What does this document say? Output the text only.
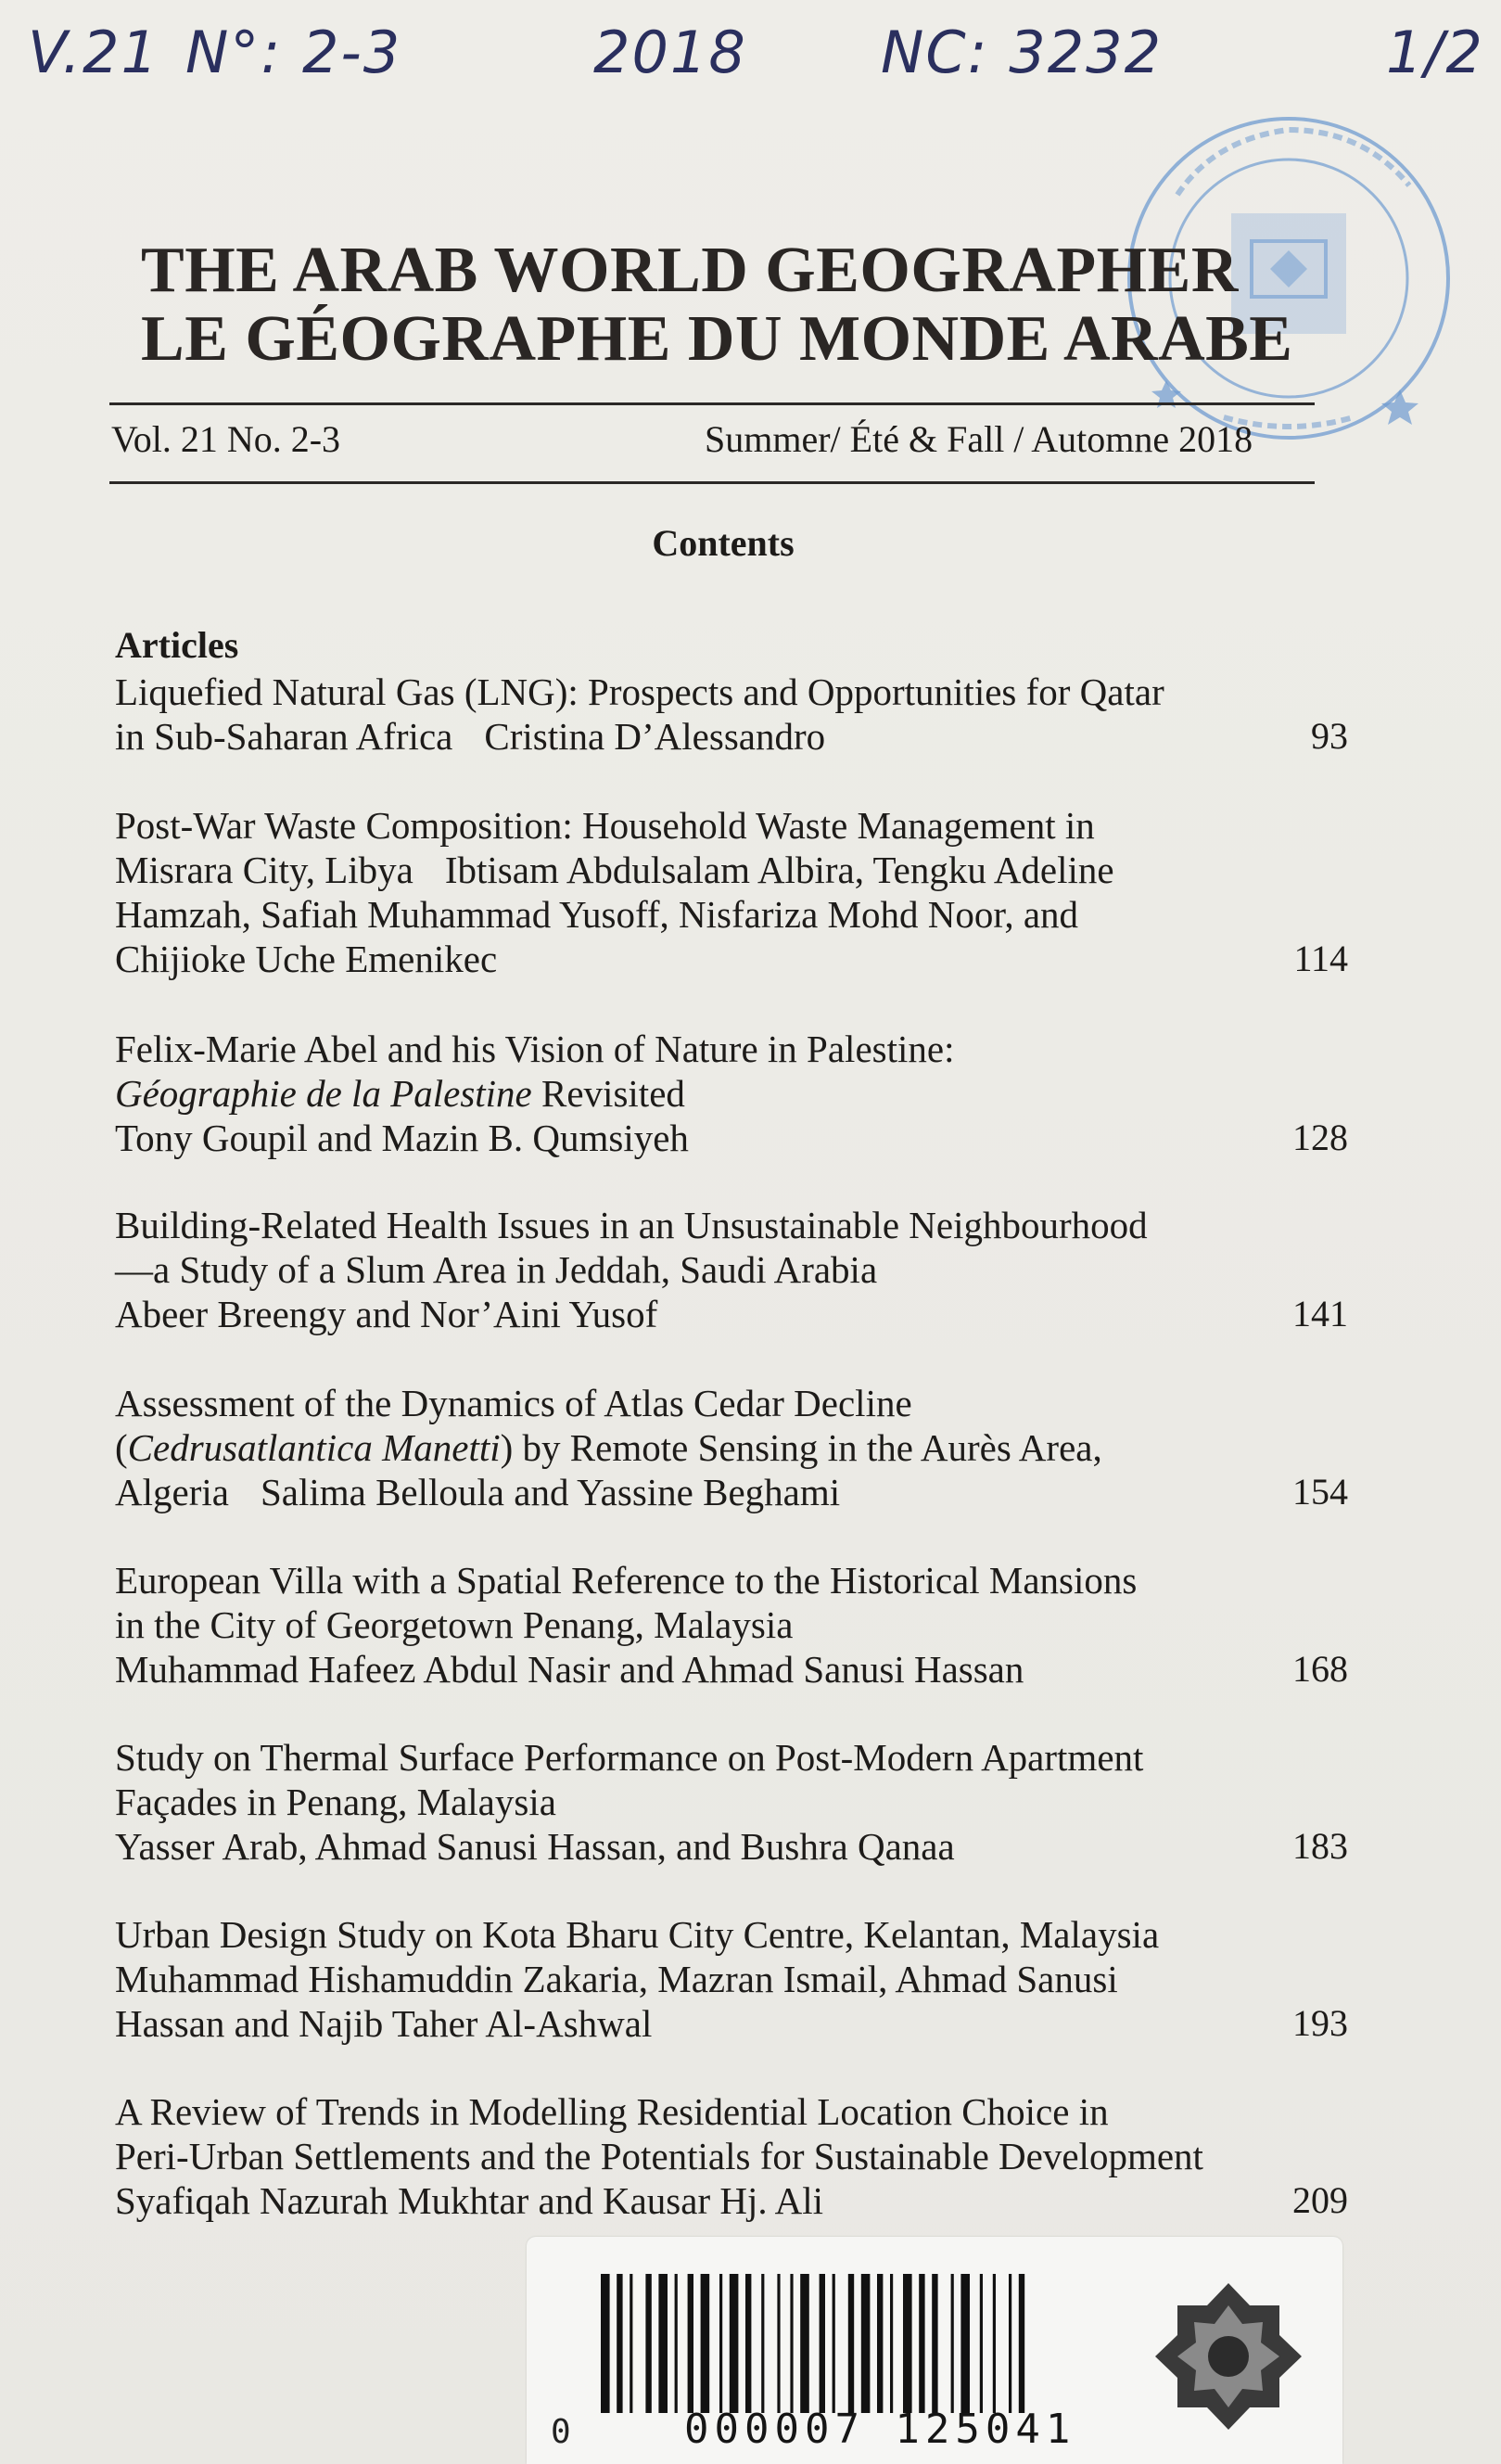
V.21 N°: 2-3	2018 NC: 3232	1/2
THE ARAB WORLD GEOGRAPHER
LE GÉOGRAPHE DU MONDE ARABE
Vol. 21 No. 2-3	Summer/ Été & Fall / Automne 2018
Contents
Articles
Liquefied Natural Gas (LNG): Prospects and Opportunities for Qatar
in Sub-Saharan Africa Cristina D’Alessandro	93
Post-War Waste Composition: Household Waste Management in
Misrara City, Libya Ibtisam Abdulsalam Albira, Tengku Adeline
Hamzah, Safiah Muhammad Yusoff, Nisfariza Mohd Noor, and
Chijioke Uche Emenikec	114
Felix-Marie Abel and his Vision of Nature in Palestine:
Géographie de la Palestine Revisited
Tony Goupil and Mazin B. Qumsiyeh	128
Building-Related Health Issues in an Unsustainable Neighbourhood
—a Study of a Slum Area in Jeddah, Saudi Arabia
Abeer Breengy and Nor’Aini Yusof	141
Assessment of the Dynamics of Atlas Cedar Decline
(Cedrusatlantica Manetti) by Remote Sensing in the Aurès Area,
Algeria Salima Belloula and Yassine Beghami	154
European Villa with a Spatial Reference to the Historical Mansions
in the City of Georgetown Penang, Malaysia
Muhammad Hafeez Abdul Nasir and Ahmad Sanusi Hassan	168
Study on Thermal Surface Performance on Post-Modern Apartment
Façades in Penang, Malaysia
Yasser Arab, Ahmad Sanusi Hassan, and Bushra Qanaa	183
Urban Design Study on Kota Bharu City Centre, Kelantan, Malaysia
Muhammad Hishamuddin Zakaria, Mazran Ismail, Ahmad Sanusi
Hassan and Najib Taher Al-Ashwal	193
A Review of Trends in Modelling Residential Location Choice in
Peri-Urban Settlements and the Potentials for Sustainable Development
Syafiqah Nazurah Mukhtar and Kausar Hj. Ali	209
0	000007 125041
